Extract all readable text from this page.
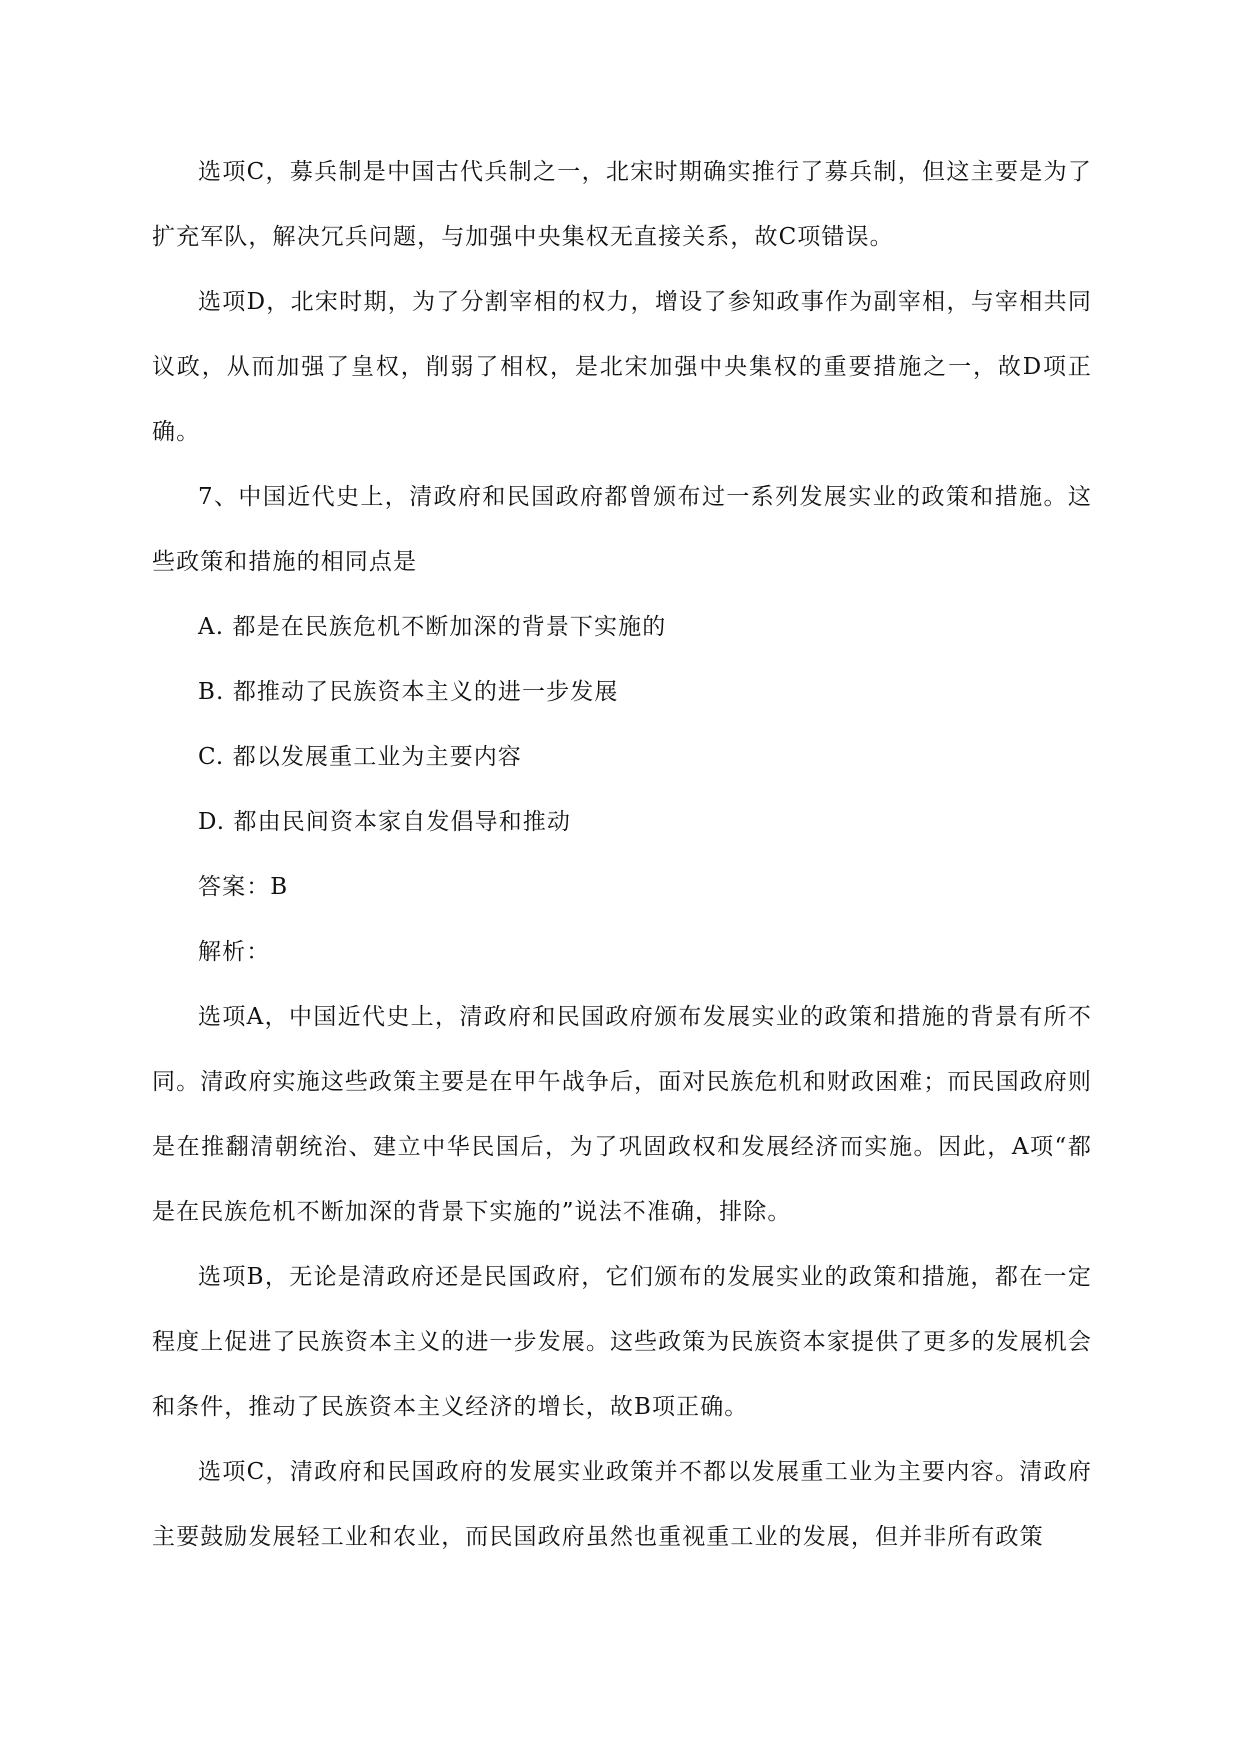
选项C，募兵制是中国古代兵制之一，北宋时期确实推行了募兵制，但这主要是为了扩充军队，解决冗兵问题，与加强中央集权无直接关系，故C项错误。

选项D，北宋时期，为了分割宰相的权力，增设了参知政事作为副宰相，与宰相共同议政，从而加强了皇权，削弱了相权，是北宋加强中央集权的重要措施之一，故D项正确。

7、中国近代史上，清政府和民国政府都曾颁布过一系列发展实业的政策和措施。这些政策和措施的相同点是

A. 都是在民族危机不断加深的背景下实施的

B. 都推动了民族资本主义的进一步发展

C. 都以发展重工业为主要内容

D. 都由民间资本家自发倡导和推动

答案：B

解析：

选项A，中国近代史上，清政府和民国政府颁布发展实业的政策和措施的背景有所不同。清政府实施这些政策主要是在甲午战争后，面对民族危机和财政困难；而民国政府则是在推翻清朝统治、建立中华民国后，为了巩固政权和发展经济而实施。因此，A项“都是在民族危机不断加深的背景下实施的”说法不准确，排除。

选项B，无论是清政府还是民国政府，它们颁布的发展实业的政策和措施，都在一定程度上促进了民族资本主义的进一步发展。这些政策为民族资本家提供了更多的发展机会和条件，推动了民族资本主义经济的增长，故B项正确。

选项C，清政府和民国政府的发展实业政策并不都以发展重工业为主要内容。清政府主要鼓励发展轻工业和农业，而民国政府虽然也重视重工业的发展，但并非所有政策
